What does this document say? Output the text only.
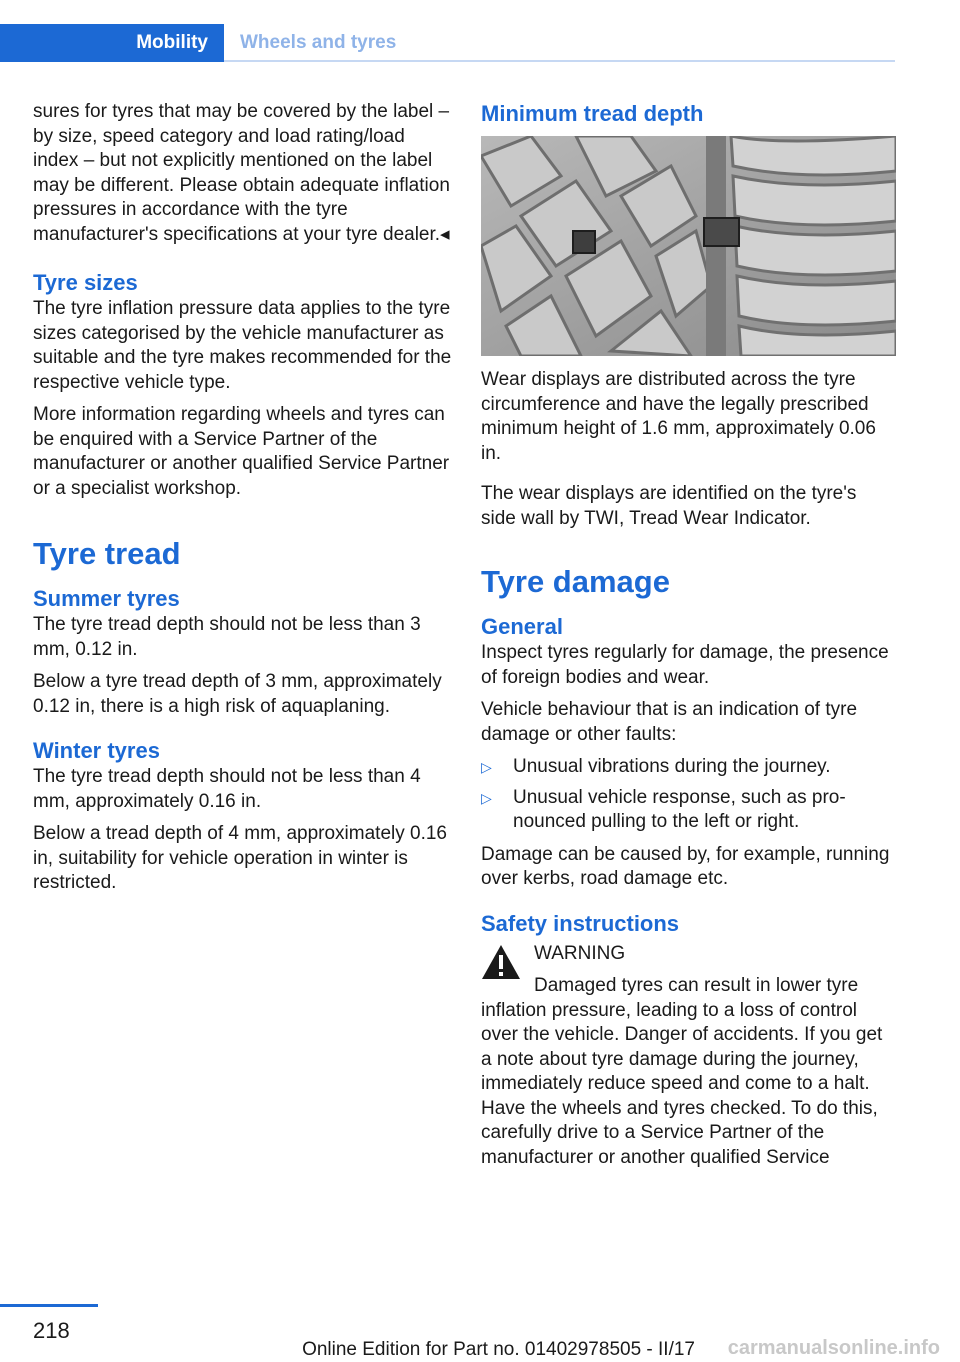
Mobility	Wheels and tyres

sures for tyres that may be covered by the label – by size, speed category and load rating/load index – but not explicitly mentioned on the label may be different. Please obtain adequate inflation pressures in accordance with the tyre manufacturer's specifications at your tyre dealer.◂

Tyre sizes

The tyre inflation pressure data applies to the tyre sizes categorised by the vehicle manufacturer as suitable and the tyre makes recommended for the respective vehicle type.

More information regarding wheels and tyres can be enquired with a Service Partner of the manufacturer or another qualified Service Partner or a specialist workshop.

Tyre tread
Summer tyres

The tyre tread depth should not be less than 3 mm, 0.12 in.

Below a tyre tread depth of 3 mm, approximately 0.12 in, there is a high risk of aquaplaning.

Winter tyres

The tyre tread depth should not be less than 4 mm, approximately 0.16 in.

Below a tread depth of 4 mm, approximately 0.16 in, suitability for vehicle operation in winter is restricted.

Minimum tread depth

Wear displays are distributed across the tyre circumference and have the legally prescribed minimum height of 1.6 mm, approximately 0.06 in.

The wear displays are identified on the tyre's side wall by TWI, Tread Wear Indicator.

Tyre damage
General

Inspect tyres regularly for damage, the presence of foreign bodies and wear.

Vehicle behaviour that is an indication of tyre damage or other faults:

▷ Unusual vibrations during the journey.
▷ Unusual vehicle response, such as pronounced pulling to the left or right.

Damage can be caused by, for example, running over kerbs, road damage etc.

Safety instructions

WARNING

Damaged tyres can result in lower tyre inflation pressure, leading to a loss of control over the vehicle. Danger of accidents. If you get a note about tyre damage during the journey, immediately reduce speed and come to a halt. Have the wheels and tyres checked. To do this, carefully drive to a Service Partner of the manufacturer or another qualified Service

218
Online Edition for Part no. 01402978505 - II/17 carmanualsonline.info
